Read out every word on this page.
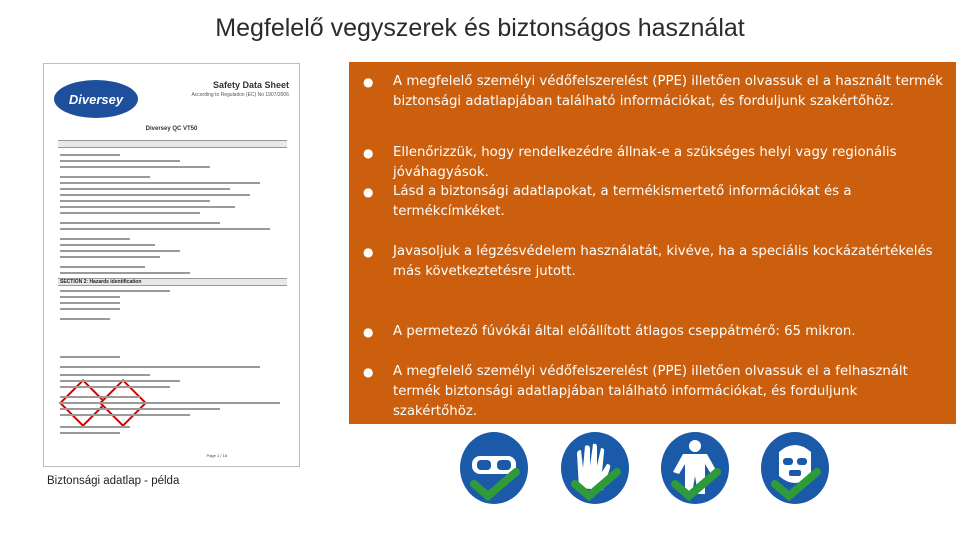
Megfelelő vegyszerek és biztonságos használat
Diversey
Safety Data Sheet
According to Regulation (EC) No 1907/2006
Diversey QC VT50
SECTION 2: Hazards identification
Page 1 / 18
Biztonsági adatlap - példa
● A megfelelő személyi védőfelszerelést (PPE) illetően olvassuk el a használt termék biztonsági adatlapjában található információkat, és forduljunk szakértőhöz.
● Ellenőrizzük, hogy rendelkezédre állnak-e a szükséges helyi vagy regionális jóváhagyások.
● Lásd a biztonsági adatlapokat, a termékismertető információkat és a termékcímkéket.
● Javasoljuk a légzésvédelem használatát, kivéve, ha a speciális kockázatértékelés más következtetésre jutott.
● A permetező fúvókái által előállított átlagos cseppátmérő: 65 mikron.
● A megfelelő személyi védőfelszerelést (PPE) illetően olvassuk el a felhasznált termék biztonsági adatlapjában található információkat, és forduljunk szakértőhöz.
